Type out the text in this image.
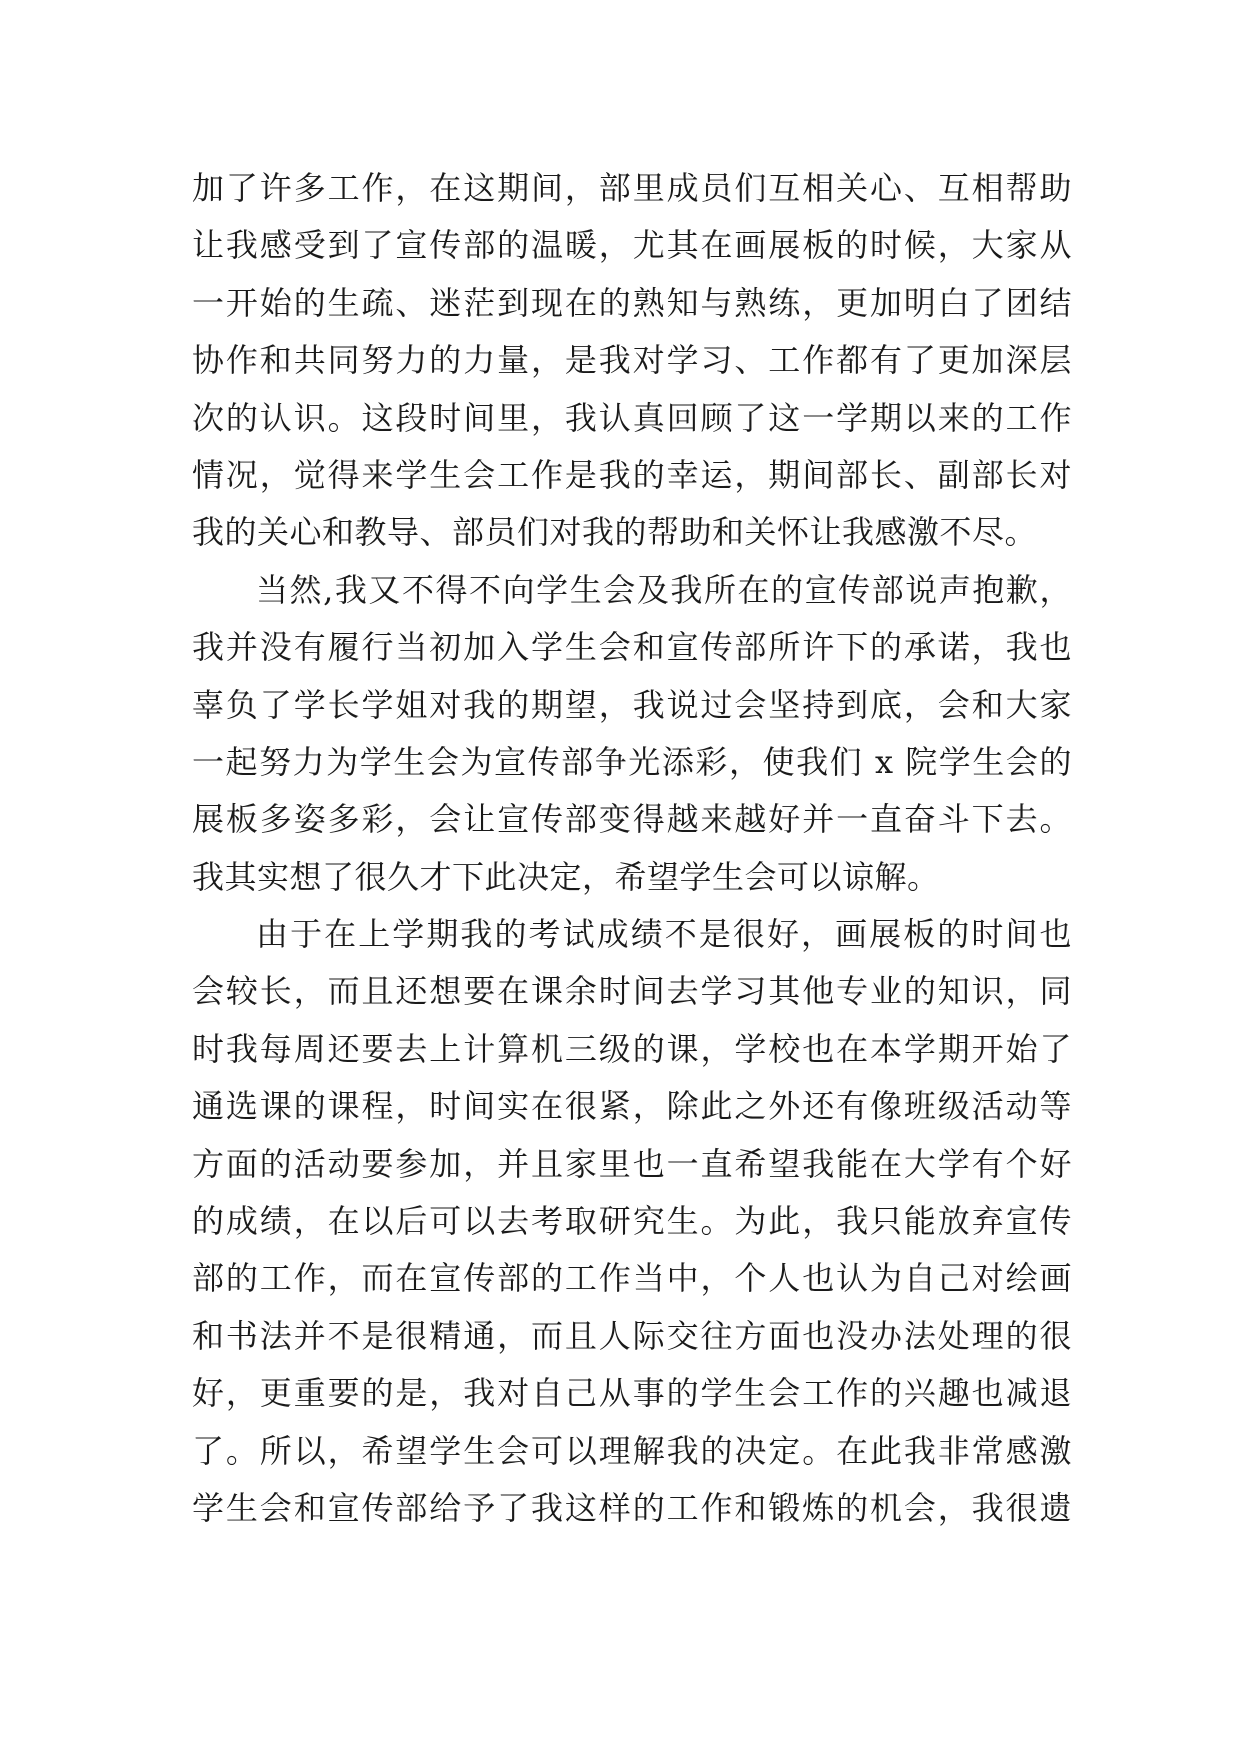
加了许多工作，在这期间，部里成员们互相关心、互相帮助
让我感受到了宣传部的温暖，尤其在画展板的时候，大家从
一开始的生疏、迷茫到现在的熟知与熟练，更加明白了团结
协作和共同努力的力量，是我对学习、工作都有了更加深层
次的认识。这段时间里，我认真回顾了这一学期以来的工作
情况，觉得来学生会工作是我的幸运，期间部长、副部长对
我的关心和教导、部员们对我的帮助和关怀让我感激不尽。
当然,我又不得不向学生会及我所在的宣传部说声抱歉，
我并没有履行当初加入学生会和宣传部所许下的承诺，我也
辜负了学长学姐对我的期望，我说过会坚持到底，会和大家
一起努力为学生会为宣传部争光添彩，使我们 x 院学生会的
展板多姿多彩，会让宣传部变得越来越好并一直奋斗下去。
我其实想了很久才下此决定，希望学生会可以谅解。
由于在上学期我的考试成绩不是很好，画展板的时间也
会较长，而且还想要在课余时间去学习其他专业的知识，同
时我每周还要去上计算机三级的课，学校也在本学期开始了
通选课的课程，时间实在很紧，除此之外还有像班级活动等
方面的活动要参加，并且家里也一直希望我能在大学有个好
的成绩，在以后可以去考取研究生。为此，我只能放弃宣传
部的工作，而在宣传部的工作当中，个人也认为自己对绘画
和书法并不是很精通，而且人际交往方面也没办法处理的很
好，更重要的是，我对自己从事的学生会工作的兴趣也减退
了。所以，希望学生会可以理解我的决定。在此我非常感激
学生会和宣传部给予了我这样的工作和锻炼的机会，我很遗
